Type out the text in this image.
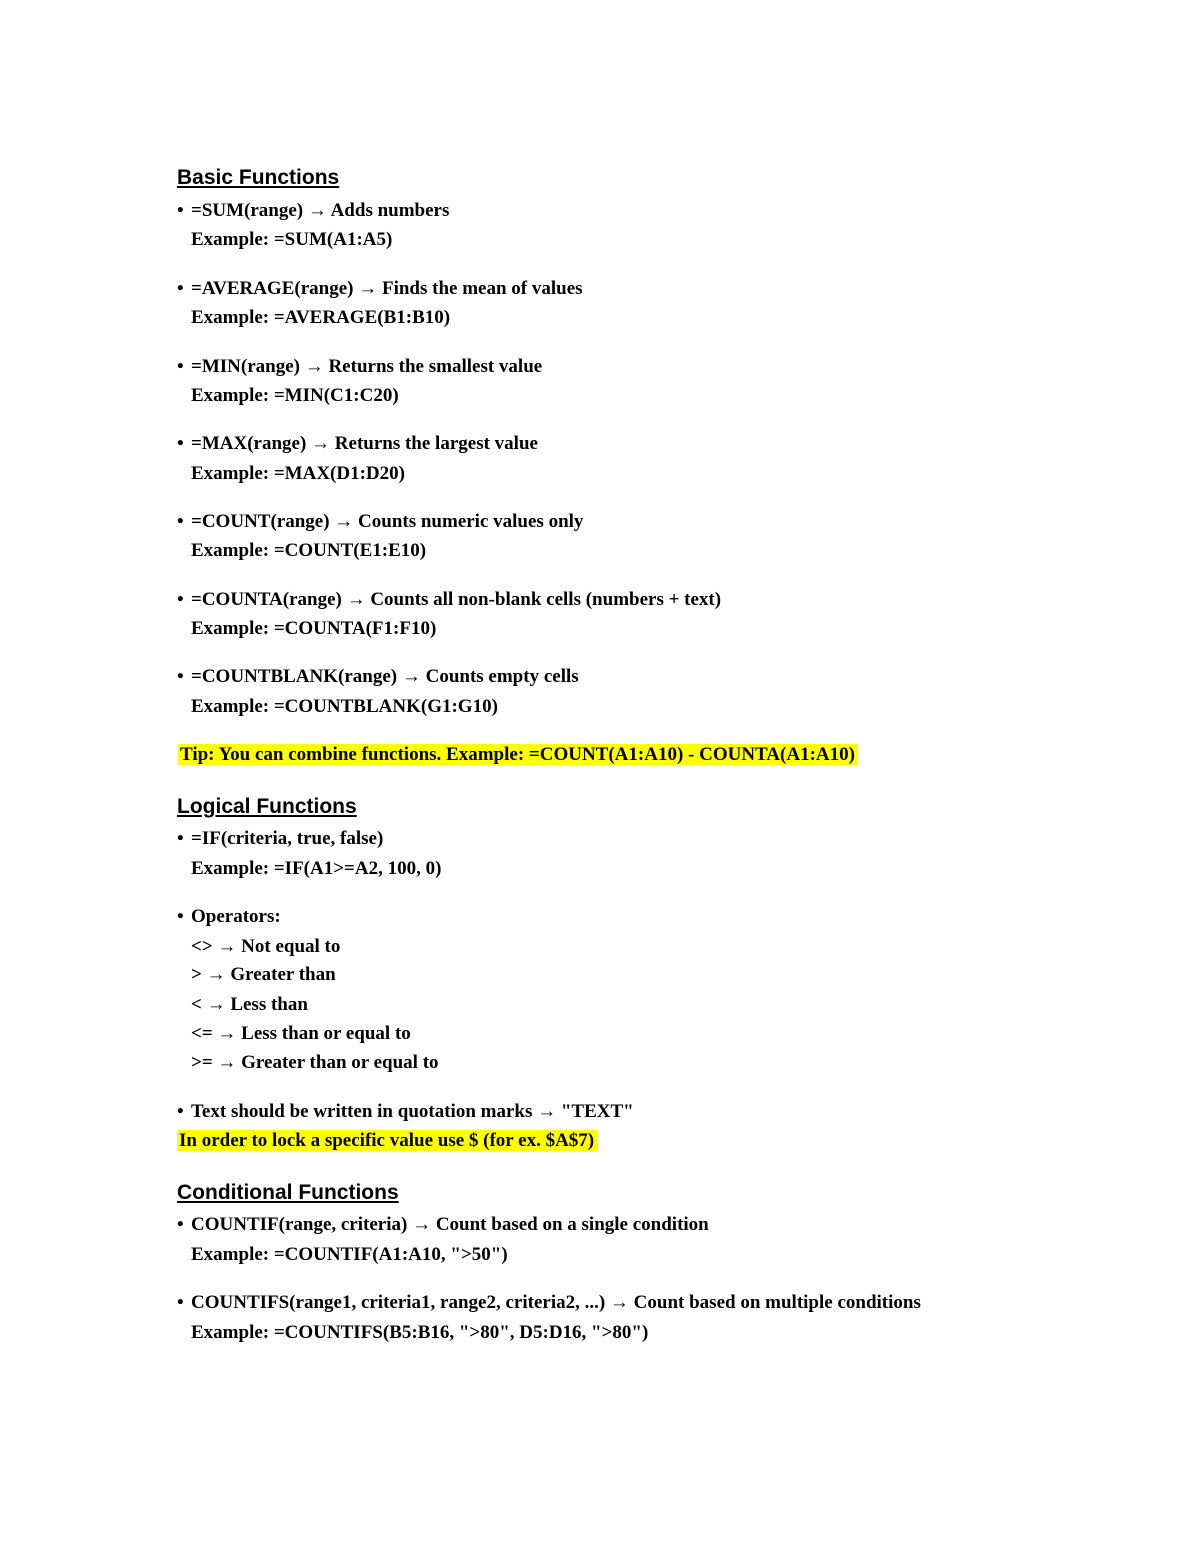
Basic Functions

• =SUM(range) → Adds numbers

Example: =SUM(A1:A5)

• =AVERAGE(range) → Finds the mean of values

Example: =AVERAGE(B1:B10)

• =MIN(range) → Returns the smallest value

Example: =MIN(C1:C20)

• =MAX(range) → Returns the largest value

Example: =MAX(D1:D20)

• =COUNT(range) → Counts numeric values only

Example: =COUNT(E1:E10)

• =COUNTA(range) → Counts all non-blank cells (numbers + text)

Example: =COUNTA(F1:F10)

• =COUNTBLANK(range) → Counts empty cells

Example: =COUNTBLANK(G1:G10)

Tip: You can combine functions. Example: =COUNT(A1:A10) - COUNTA(A1:A10)

Logical Functions

• =IF(criteria, true, false)

Example: =IF(A1>=A2, 100, 0)

• Operators:

<> → Not equal to

> → Greater than

< → Less than

<= → Less than or equal to

>= → Greater than or equal to

• Text should be written in quotation marks → "TEXT"

In order to lock a specific value use $ (for ex. $A$7)

Conditional Functions

• COUNTIF(range, criteria) → Count based on a single condition

Example: =COUNTIF(A1:A10, ">50")

• COUNTIFS(range1, criteria1, range2, criteria2, ...) → Count based on multiple conditions

Example: =COUNTIFS(B5:B16, ">80", D5:D16, ">80")
